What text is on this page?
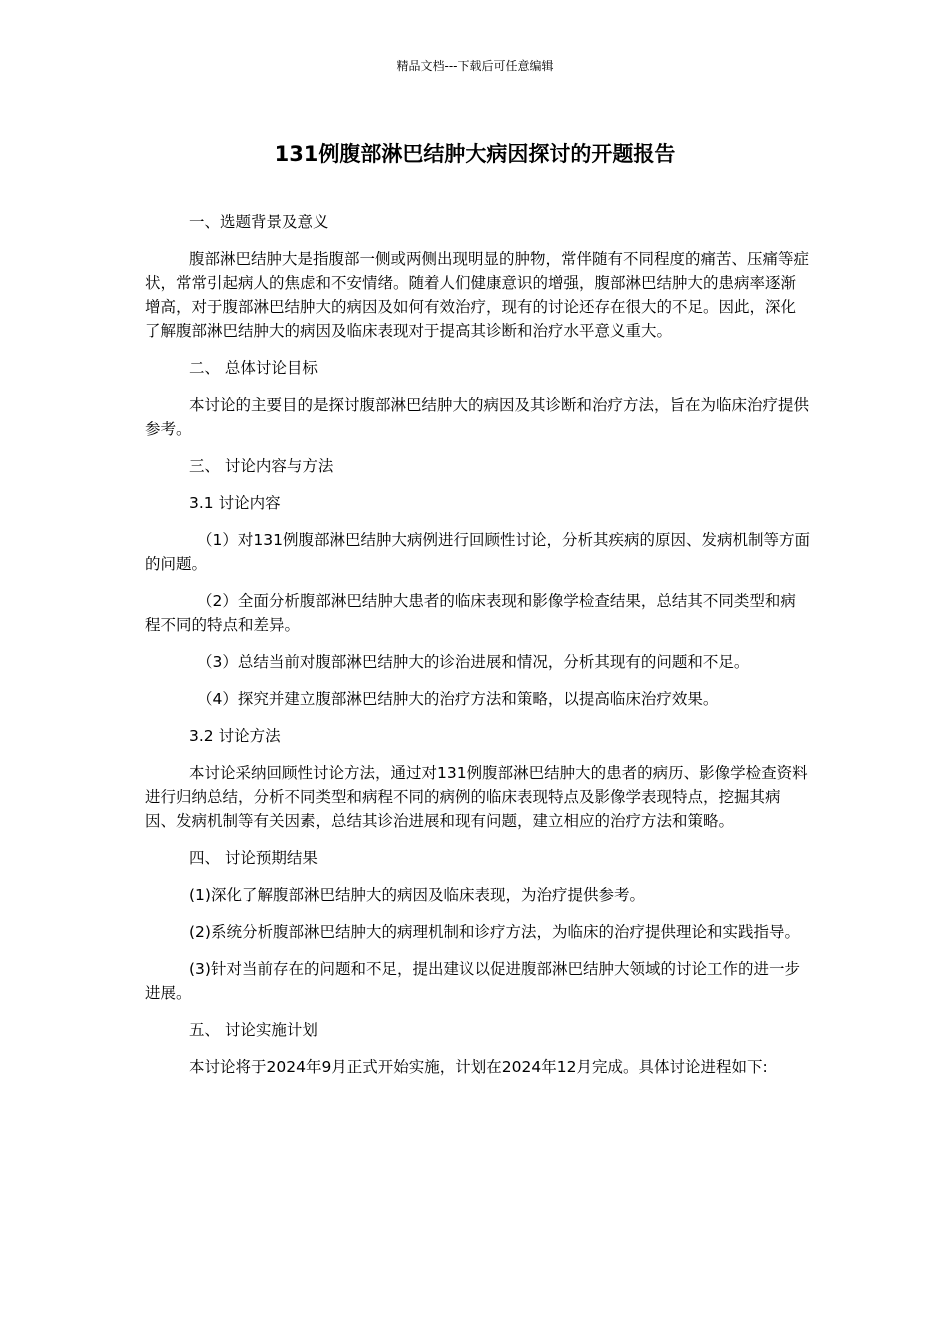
精品文档---下载后可任意编辑
131例腹部淋巴结肿大病因探讨的开题报告

一、选题背景及意义

腹部淋巴结肿大是指腹部一侧或两侧出现明显的肿物，常伴随有不同程度的痛苦、压痛等症状，常常引起病人的焦虑和不安情绪。随着人们健康意识的增强，腹部淋巴结肿大的患病率逐渐增高，对于腹部淋巴结肿大的病因及如何有效治疗，现有的讨论还存在很大的不足。因此，深化了解腹部淋巴结肿大的病因及临床表现对于提高其诊断和治疗水平意义重大。

二、 总体讨论目标

本讨论的主要目的是探讨腹部淋巴结肿大的病因及其诊断和治疗方法，旨在为临床治疗提供参考。

三、 讨论内容与方法

3.1 讨论内容

（1）对131例腹部淋巴结肿大病例进行回顾性讨论，分析其疾病的原因、发病机制等方面的问题。

（2）全面分析腹部淋巴结肿大患者的临床表现和影像学检查结果，总结其不同类型和病程不同的特点和差异。

（3）总结当前对腹部淋巴结肿大的诊治进展和情况，分析其现有的问题和不足。

（4）探究并建立腹部淋巴结肿大的治疗方法和策略，以提高临床治疗效果。

3.2 讨论方法

本讨论采纳回顾性讨论方法，通过对131例腹部淋巴结肿大的患者的病历、影像学检查资料进行归纳总结，分析不同类型和病程不同的病例的临床表现特点及影像学表现特点，挖掘其病因、发病机制等有关因素，总结其诊治进展和现有问题，建立相应的治疗方法和策略。

四、 讨论预期结果

(1)深化了解腹部淋巴结肿大的病因及临床表现，为治疗提供参考。

(2)系统分析腹部淋巴结肿大的病理机制和诊疗方法，为临床的治疗提供理论和实践指导。

(3)针对当前存在的问题和不足，提出建议以促进腹部淋巴结肿大领域的讨论工作的进一步进展。

五、 讨论实施计划

本讨论将于2024年9月正式开始实施，计划在2024年12月完成。具体讨论进程如下:
